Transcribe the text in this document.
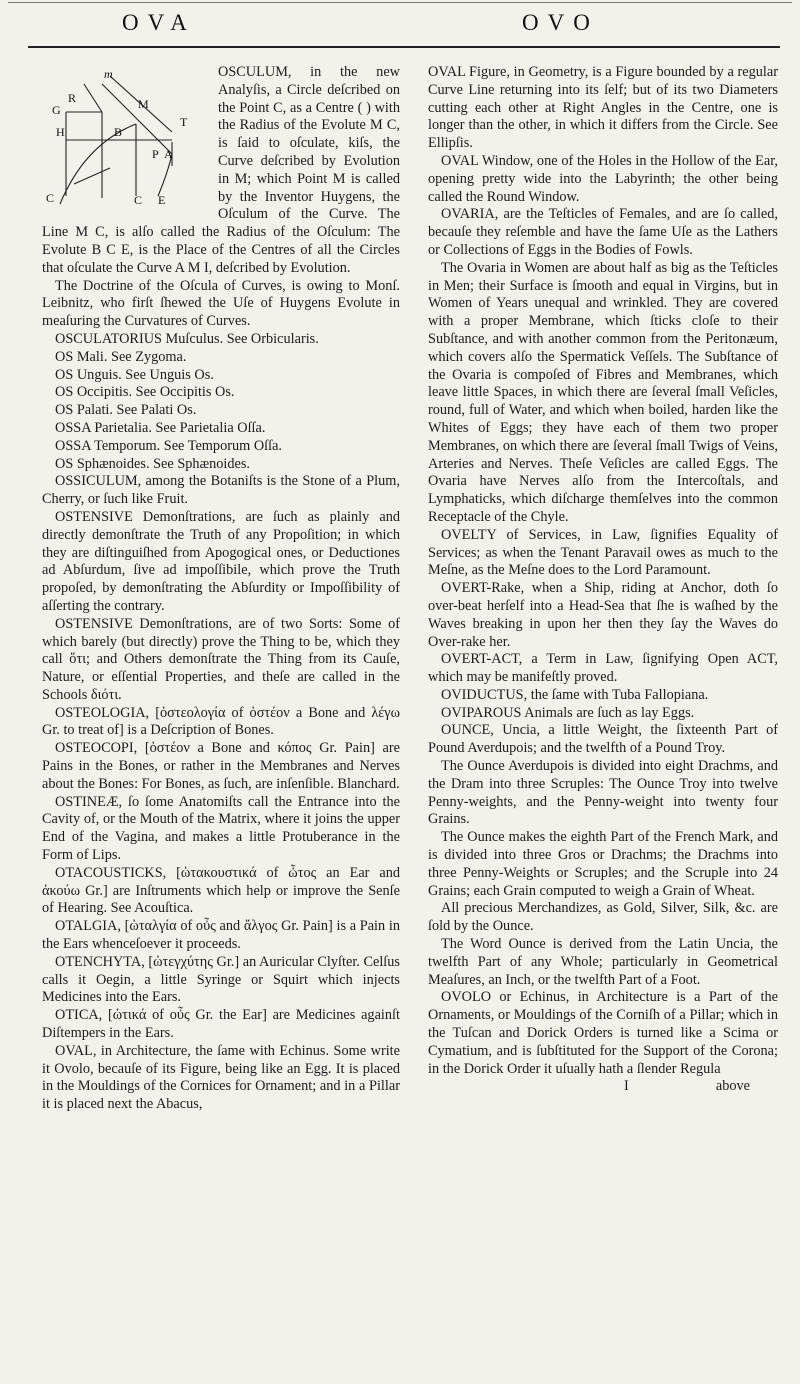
OVA	OVO
m
M
R
G
H	B
T
P A
C	C E

OSCULUM, in the new Analyſis, a Circle deſcribed on the Point C, as a Centre ( ) with the Radius of the Evolute M C, is ſaid to oſculate, kiſs, the Curve deſcribed by Evolution in M; which Point M is called by the Inventor Huygens, the Oſculum of the Curve. The Line M C, is alſo called the Radius of the Oſculum: The Evolute B C E, is the Place of the Centres of all the Circles that oſculate the Curve A M I, deſcribed by Evolution.

The Doctrine of the Oſcula of Curves, is owing to Monſ. Leibnitz, who firſt ſhewed the Uſe of Huygens Evolute in meaſuring the Curvatures of Curves.

OSCULATORIUS Muſculus. See Orbicularis.

OS Mali. See Zygoma.

OS Unguis. See Unguis Os.

OS Occipitis. See Occipitis Os.

OS Palati. See Palati Os.

OSSA Parietalia. See Parietalia Oſſa.

OSSA Temporum. See Temporum Oſſa.

OS Sphænoides. See Sphænoides.

OSSICULUM, among the Botaniſts is the Stone of a Plum, Cherry, or ſuch like Fruit.

OSTENSIVE Demonſtrations, are ſuch as plainly and directly demonſtrate the Truth of any Propoſition; in which they are diſtinguiſhed from Apogogical ones, or Deductiones ad Abſurdum, ſive ad impoſſibile, which prove the Truth propoſed, by demonſtrating the Abſurdity or Impoſſibility of aſſerting the contrary.

OSTENSIVE Demonſtrations, are of two Sorts: Some of which barely (but directly) prove the Thing to be, which they call ὅτι; and Others demonſtrate the Thing from its Cauſe, Nature, or eſſential Properties, and theſe are called in the Schools διότι.

OSTEOLOGIA, [ὀστεολογία of ὀστέον a Bone and λέγω Gr. to treat of] is a Deſcription of Bones.

OSTEOCOPI, [ὀστέον a Bone and κόπος Gr. Pain] are Pains in the Bones, or rather in the Membranes and Nerves about the Bones: For Bones, as ſuch, are inſenſible. Blanchard.

OSTINEÆ, ſo ſome Anatomiſts call the Entrance into the Cavity of, or the Mouth of the Matrix, where it joins the upper End of the Vagina, and makes a little Protuberance in the Form of Lips.

OTACOUSTICKS, [ὠτακουστικά of ὦτος an Ear and ἀκούω Gr.] are Inſtruments which help or improve the Senſe of Hearing. See Acouſtica.

OTALGIA, [ὠταλγία of οὖς and ἄλγος Gr. Pain] is a Pain in the Ears whenceſoever it proceeds.

OTENCHYTA, [ὠτεγχύτης Gr.] an Auricular Clyſter. Celſus calls it Oegin, a little Syringe or Squirt which injects Medicines into the Ears.

OTICA, [ὠτικά of οὖς Gr. the Ear] are Medicines againſt Diſtempers in the Ears.

OVAL, in Architecture, the ſame with Echinus. Some write it Ovolo, becauſe of its Figure, being like an Egg. It is placed in the Mouldings of the Cornices for Ornament; and in a Pillar it is placed next the Abacus,

OVAL Figure, in Geometry, is a Figure bounded by a regular Curve Line returning into its ſelf; but of its two Diameters cutting each other at Right Angles in the Centre, one is longer than the other, in which it differs from the Circle. See Ellipſis.

OVAL Window, one of the Holes in the Hollow of the Ear, opening pretty wide into the Labyrinth; the other being called the Round Window.

OVARIA, are the Teſticles of Females, and are ſo called, becauſe they reſemble and have the ſame Uſe as the Lathers or Collections of Eggs in the Bodies of Fowls.

The Ovaria in Women are about half as big as the Teſticles in Men; their Surface is ſmooth and equal in Virgins, but in Women of Years unequal and wrinkled. They are covered with a proper Membrane, which ſticks cloſe to their Subſtance, and with another common from the Peritonæum, which covers alſo the Spermatick Veſſels. The Subſtance of the Ovaria is compoſed of Fibres and Membranes, which leave little Spaces, in which there are ſeveral ſmall Veſicles, round, full of Water, and which when boiled, harden like the Whites of Eggs; they have each of them two proper Membranes, on which there are ſeveral ſmall Twigs of Veins, Arteries and Nerves. Theſe Veſicles are called Eggs. The Ovaria have Nerves alſo from the Intercoſtals, and Lymphaticks, which diſcharge themſelves into the common Receptacle of the Chyle.

OVELTY of Services, in Law, ſignifies Equality of Services; as when the Tenant Paravail owes as much to the Meſne, as the Meſne does to the Lord Paramount.

OVERT-Rake, when a Ship, riding at Anchor, doth ſo over-beat herſelf into a Head-Sea that ſhe is waſhed by the Waves breaking in upon her then they ſay the Waves do Over-rake her.

OVERT-ACT, a Term in Law, ſignifying Open ACT, which may be manifeſtly proved.

OVIDUCTUS, the ſame with Tuba Fallopiana.

OVIPAROUS Animals are ſuch as lay Eggs.

OUNCE, Uncia, a little Weight, the ſixteenth Part of Pound Averdupois; and the twelfth of a Pound Troy.

The Ounce Averdupois is divided into eight Drachms, and the Dram into three Scruples: The Ounce Troy into twelve Penny-weights, and the Penny-weight into twenty four Grains.

The Ounce makes the eighth Part of the French Mark, and is divided into three Gros or Drachms; the Drachms into three Penny-Weights or Scruples; and the Scruple into 24 Grains; each Grain computed to weigh a Grain of Wheat.

All precious Merchandizes, as Gold, Silver, Silk, &c. are ſold by the Ounce.

The Word Ounce is derived from the Latin Uncia, the twelfth Part of any Whole; particularly in Geometrical Meaſures, an Inch, or the twelfth Part of a Foot.

OVOLO or Echinus, in Architecture is a Part of the Ornaments, or Mouldings of the Corniſh of a Pillar; which in the Tuſcan and Dorick Orders is turned like a Scima or Cymatium, and is ſubſtituted for the Support of the Corona; in the Dorick Order it uſually hath a ſlender Regula

I	above
